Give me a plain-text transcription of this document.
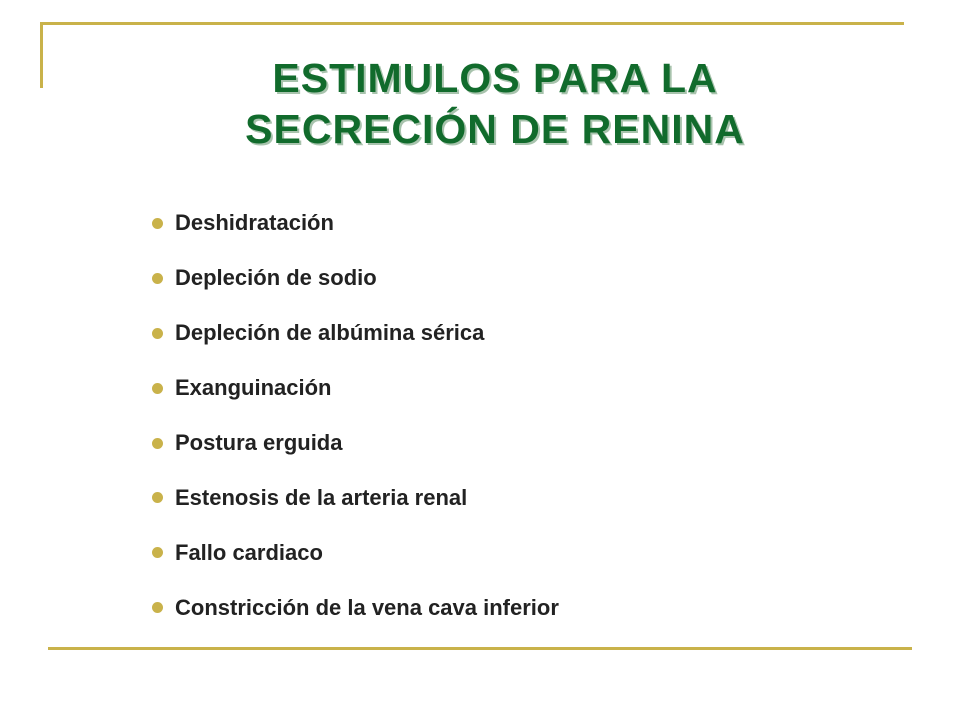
ESTIMULOS PARA LA
SECRECIÓN DE RENINA
Deshidratación
Depleción de sodio
Depleción de albúmina sérica
Exanguinación
Postura erguida
Estenosis de la arteria renal
Fallo cardiaco
Constricción de la vena cava inferior
